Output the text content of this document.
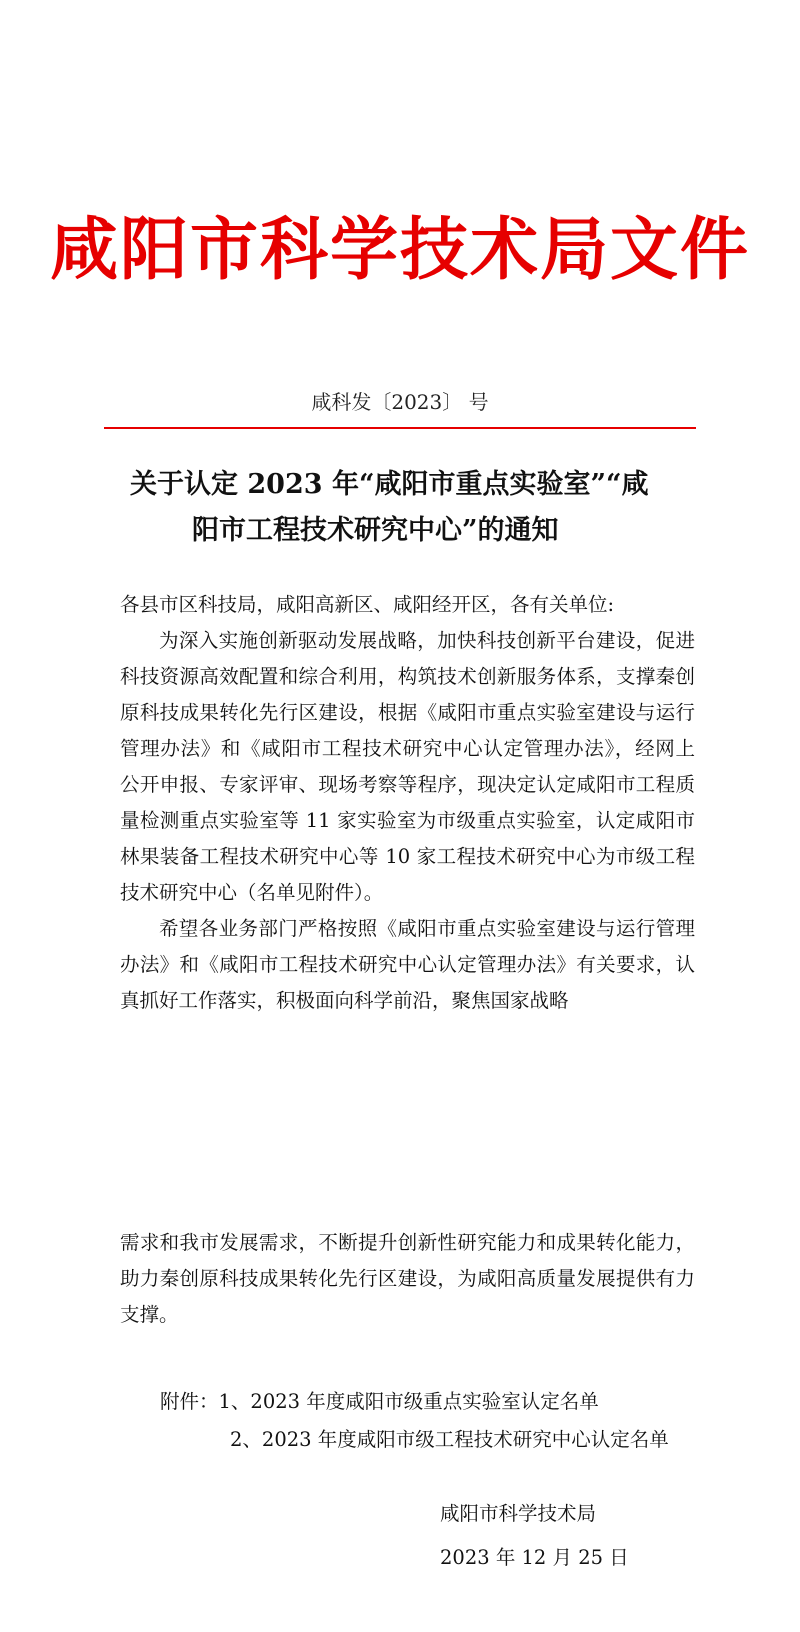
咸阳市科学技术局文件
咸科发〔2023〕 号
关于认定 2023 年“咸阳市重点实验室”“咸
阳市工程技术研究中心”的通知
各县市区科技局，咸阳高新区、咸阳经开区，各有关单位:
为深入实施创新驱动发展战略，加快科技创新平台建设，促进科技资源高效配置和综合利用，构筑技术创新服务体系，支撑秦创原科技成果转化先行区建设，根据《咸阳市重点实验室建设与运行管理办法》和《咸阳市工程技术研究中心认定管理办法》，经网上公开申报、专家评审、现场考察等程序，现决定认定咸阳市工程质量检测重点实验室等 11 家实验室为市级重点实验室，认定咸阳市林果装备工程技术研究中心等 10 家工程技术研究中心为市级工程技术研究中心（名单见附件）。
希望各业务部门严格按照《咸阳市重点实验室建设与运行管理办法》和《咸阳市工程技术研究中心认定管理办法》有关要求，认真抓好工作落实，积极面向科学前沿，聚焦国家战略
需求和我市发展需求，不断提升创新性研究能力和成果转化能力，助力秦创原科技成果转化先行区建设，为咸阳高质量发展提供有力支撑。
附件：1、2023 年度咸阳市级重点实验室认定名单
2、2023 年度咸阳市级工程技术研究中心认定名单
咸阳市科学技术局
2023 年 12 月 25 日
